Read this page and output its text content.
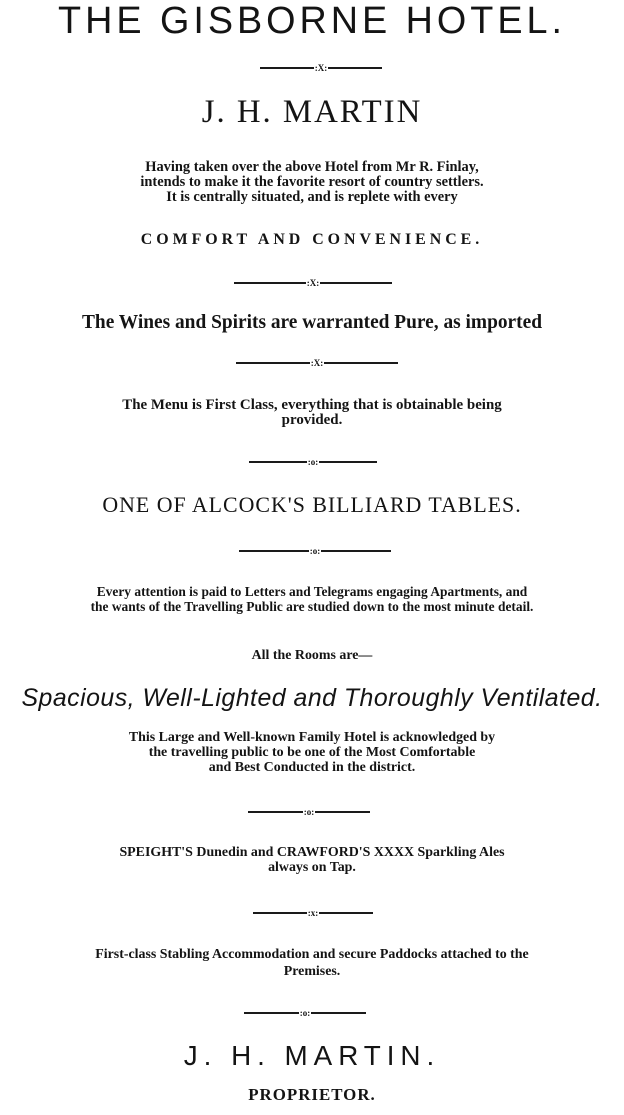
THE GISBORNE HOTEL.
:X:
J. H. MARTIN
Having taken over the above Hotel from Mr R. Finlay,
intends to make it the favorite resort of country settlers.
It is centrally situated, and is replete with every
COMFORT AND CONVENIENCE.
:X:
The Wines and Spirits are warranted Pure, as imported
:X:
The Menu is First Class, everything that is obtainable being
provided.
:o:
ONE OF ALCOCK'S BILLIARD TABLES.
:o:
Every attention is paid to Letters and Telegrams engaging Apartments, and
the wants of the Travelling Public are studied down to the most minute detail.
All the Rooms are—
Spacious, Well-Lighted and Thoroughly Ventilated.
This Large and Well-known Family Hotel is acknowledged by
the travelling public to be one of the Most Comfortable
and Best Conducted in the district.
:o:
SPEIGHT'S Dunedin and CRAWFORD'S XXXX Sparkling Ales
always on Tap.
:x:
First-class Stabling Accommodation and secure Paddocks attached to the
Premises.
:o:
J. H. MARTIN.
PROPRIETOR.
